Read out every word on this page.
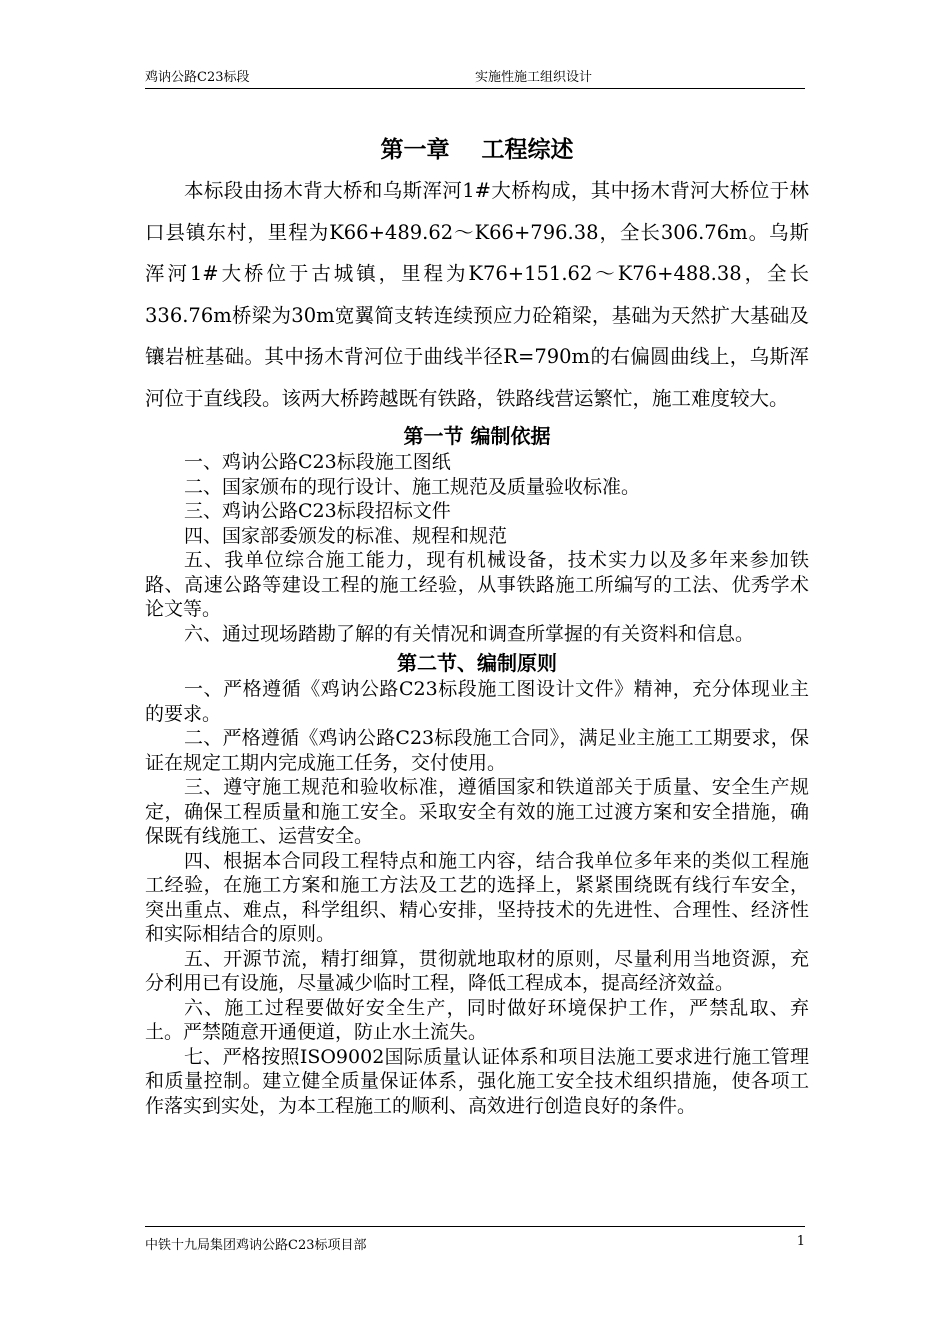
鸡讷公路C23标段	实施性施工组织设计
第一章    工程综述

本标段由扬木背大桥和乌斯浑河1#大桥构成，其中扬木背河大桥位于林口县镇东村，里程为K66+489.62～K66+796.38，全长306.76m。乌斯浑河1#大桥位于古城镇，里程为K76+151.62～K76+488.38，全长336.76m桥梁为30m宽翼简支转连续预应力砼箱梁，基础为天然扩大基础及镶岩桩基础。其中扬木背河位于曲线半径R=790m的右偏圆曲线上，乌斯浑河位于直线段。该两大桥跨越既有铁路，铁路线营运繁忙，施工难度较大。

第一节 编制依据

一、鸡讷公路C23标段施工图纸

二、国家颁布的现行设计、施工规范及质量验收标准。

三、鸡讷公路C23标段招标文件

四、国家部委颁发的标准、规程和规范

五、我单位综合施工能力，现有机械设备，技术实力以及多年来参加铁路、高速公路等建设工程的施工经验，从事铁路施工所编写的工法、优秀学术论文等。

六、通过现场踏勘了解的有关情况和调查所掌握的有关资料和信息。

第二节、编制原则

一、严格遵循《鸡讷公路C23标段施工图设计文件》精神，充分体现业主的要求。

二、严格遵循《鸡讷公路C23标段施工合同》，满足业主施工工期要求，保证在规定工期内完成施工任务，交付使用。

三、遵守施工规范和验收标准，遵循国家和铁道部关于质量、安全生产规定，确保工程质量和施工安全。采取安全有效的施工过渡方案和安全措施，确保既有线施工、运营安全。

四、根据本合同段工程特点和施工内容，结合我单位多年来的类似工程施工经验，在施工方案和施工方法及工艺的选择上，紧紧围绕既有线行车安全，突出重点、难点，科学组织、精心安排，坚持技术的先进性、合理性、经济性和实际相结合的原则。

五、开源节流，精打细算，贯彻就地取材的原则，尽量利用当地资源，充分利用已有设施，尽量减少临时工程，降低工程成本，提高经济效益。

六、施工过程要做好安全生产，同时做好环境保护工作，严禁乱取、弃土。严禁随意开通便道，防止水土流失。

七、严格按照ISO9002国际质量认证体系和项目法施工要求进行施工管理和质量控制。建立健全质量保证体系，强化施工安全技术组织措施，使各项工作落实到实处，为本工程施工的顺利、高效进行创造良好的条件。

中铁十九局集团鸡讷公路C23标项目部	1
